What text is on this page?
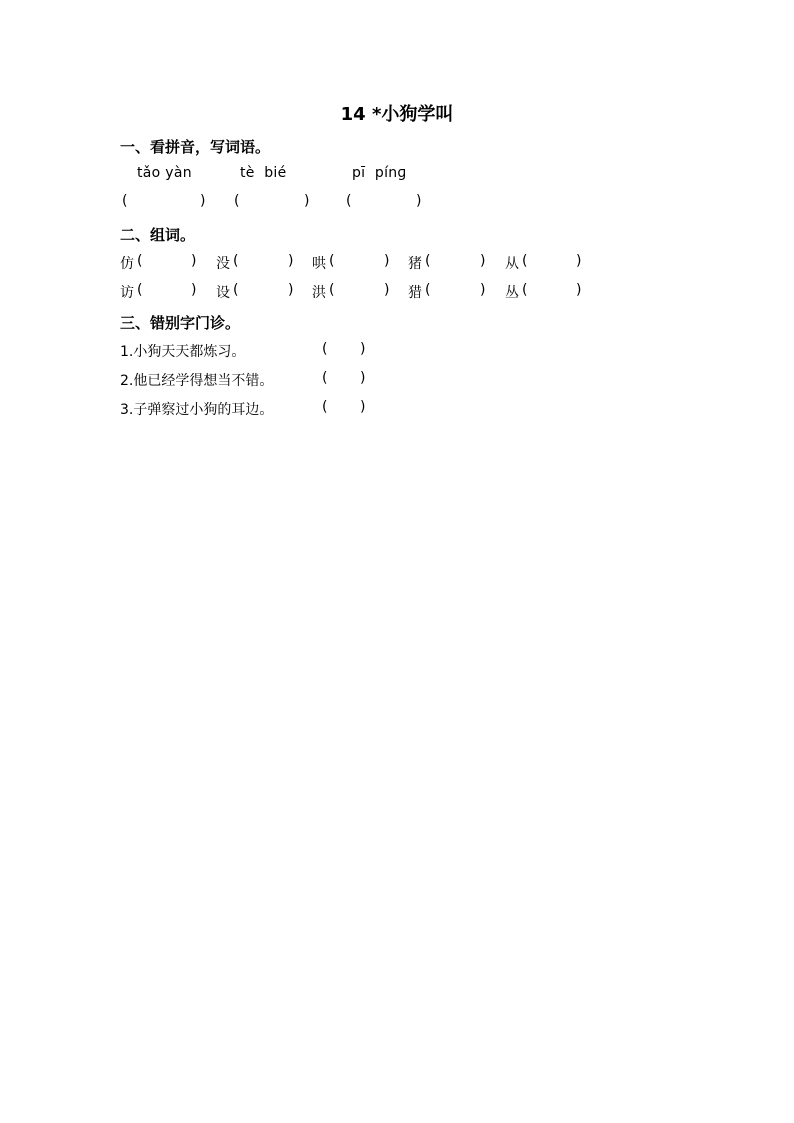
14 *小狗学叫
一、看拼音，写词语。
tǎo yàn	tè  bié	pī  pínɡ
(	) (	)	(	)
二、组词。
仿 (	) 没 (	) 哄 (	) 猪 (	) 从 (	)
访 (	) 设 (	) 洪 (	) 猎 (	) 丛 (	)
三、错别字门诊。
1.小狗天天都炼习。	( )
2.他已经学得想当不错。	( )
3.子弹察过小狗的耳边。	( )
